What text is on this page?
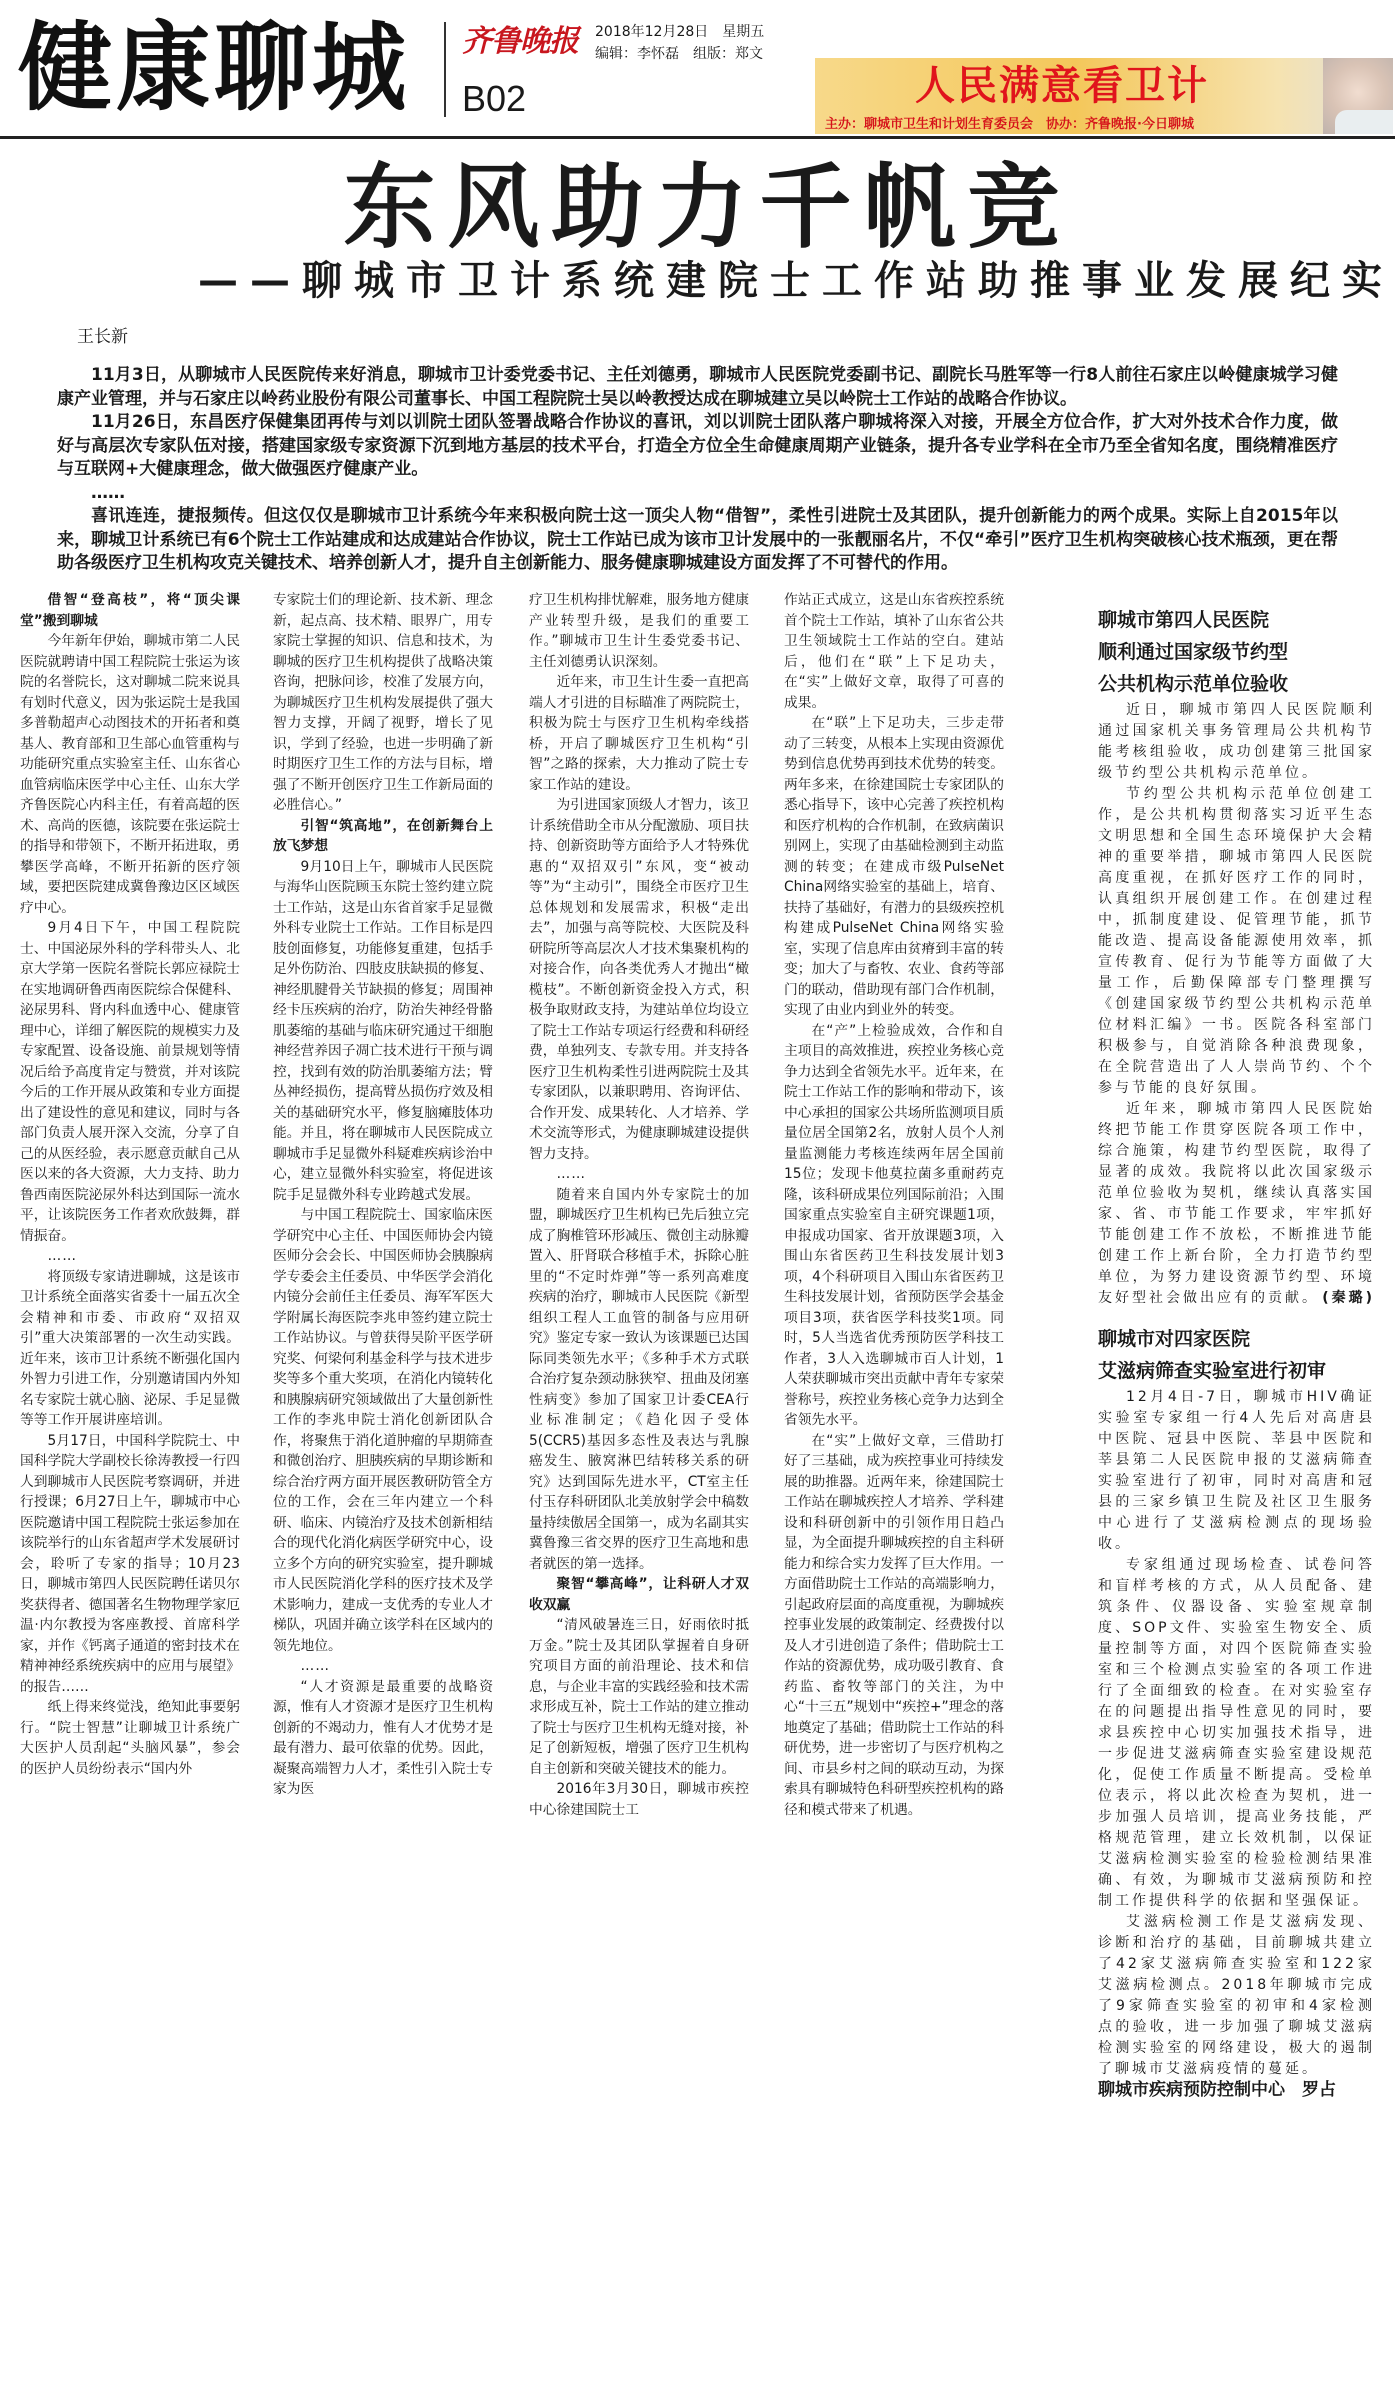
健康聊城 齐鲁晚报 2018年12月28日　星期五
编辑：李怀磊　组版：郑文
B02	人民满意看卫计
主办：聊城市卫生和计划生育委员会　协办：齐鲁晚报·今日聊城
东风助力千帆竞
——聊城市卫计系统建院士工作站助推事业发展纪实
王长新

11月3日，从聊城市人民医院传来好消息，聊城市卫计委党委书记、主任刘德勇，聊城市人民医院党委副书记、副院长马胜军等一行8人前往石家庄以岭健康城学习健康产业管理，并与石家庄以岭药业股份有限公司董事长、中国工程院院士吴以岭教授达成在聊城建立吴以岭院士工作站的战略合作协议。

11月26日，东昌医疗保健集团再传与刘以训院士团队签署战略合作协议的喜讯，刘以训院士团队落户聊城将深入对接，开展全方位合作，扩大对外技术合作力度，做好与高层次专家队伍对接，搭建国家级专家资源下沉到地方基层的技术平台，打造全方位全生命健康周期产业链条，提升各专业学科在全市乃至全省知名度，围绕精准医疗与互联网+大健康理念，做大做强医疗健康产业。

……

喜讯连连，捷报频传。但这仅仅是聊城市卫计系统今年来积极向院士这一顶尖人物“借智”，柔性引进院士及其团队，提升创新能力的两个成果。实际上自2015年以来，聊城卫计系统已有6个院士工作站建成和达成建站合作协议，院士工作站已成为该市卫计发展中的一张靓丽名片，不仅“牵引”医疗卫生机构突破核心技术瓶颈，更在帮助各级医疗卫生机构攻克关键技术、培养创新人才，提升自主创新能力、服务健康聊城建设方面发挥了不可替代的作用。

借智“登高枝”，将“顶尖课堂”搬到聊城

今年新年伊始，聊城市第二人民医院就聘请中国工程院院士张运为该院的名誉院长，这对聊城二院来说具有划时代意义，因为张运院士是我国多普勒超声心动图技术的开拓者和奠基人、教育部和卫生部心血管重构与功能研究重点实验室主任、山东省心血管病临床医学中心主任、山东大学齐鲁医院心内科主任，有着高超的医术、高尚的医德，该院要在张运院士的指导和带领下，不断开拓进取，勇攀医学高峰，不断开拓新的医疗领域，要把医院建成冀鲁豫边区区域医疗中心。

9月4日下午，中国工程院院士、中国泌尿外科的学科带头人、北京大学第一医院名誉院长郭应禄院士在实地调研鲁西南医院综合保健科、泌尿男科、肾内科血透中心、健康管理中心，详细了解医院的规模实力及专家配置、设备设施、前景规划等情况后给予高度肯定与赞赏，并对该院今后的工作开展从政策和专业方面提出了建设性的意见和建议，同时与各部门负责人展开深入交流，分享了自己的从医经验，表示愿意贡献自己从医以来的各大资源，大力支持、助力鲁西南医院泌尿外科达到国际一流水平，让该院医务工作者欢欣鼓舞，群情振奋。

……

将顶级专家请进聊城，这是该市卫计系统全面落实省委十一届五次全会精神和市委、市政府“双招双引”重大决策部署的一次生动实践。近年来，该市卫计系统不断强化国内外智力引进工作，分别邀请国内外知名专家院士就心脑、泌尿、手足显微等等工作开展讲座培训。

5月17日，中国科学院院士、中国科学院大学副校长徐涛教授一行四人到聊城市人民医院考察调研，并进行授课；6月27日上午，聊城市中心医院邀请中国工程院院士张运参加在该院举行的山东省超声学术发展研讨会，聆听了专家的指导；10月23日，聊城市第四人民医院聘任诺贝尔奖获得者、德国著名生物物理学家厄温·内尔教授为客座教授、首席科学家，并作《钙离子通道的密封技术在精神神经系统疾病中的应用与展望》的报告……

纸上得来终觉浅，绝知此事要躬行。“院士智慧”让聊城卫计系统广大医护人员刮起“头脑风暴”，参会的医护人员纷纷表示“国内外

专家院士们的理论新、技术新、理念新，起点高、技术精、眼界广，用专家院士掌握的知识、信息和技术，为聊城的医疗卫生机构提供了战略决策咨询，把脉问诊，校准了发展方向，为聊城医疗卫生机构发展提供了强大智力支撑，开阔了视野，增长了见识，学到了经验，也进一步明确了新时期医疗卫生工作的方法与目标，增强了不断开创医疗卫生工作新局面的必胜信心。”

引智“筑高地”，在创新舞台上放飞梦想

9月10日上午，聊城市人民医院与海华山医院顾玉东院士签约建立院士工作站，这是山东省首家手足显微外科专业院士工作站。工作目标是四肢创面修复，功能修复重建，包括手足外伤防治、四肢皮肤缺损的修复、神经肌腱骨关节缺损的修复；周围神经卡压疾病的治疗，防治失神经骨骼肌萎缩的基础与临床研究通过干细胞神经营养因子凋亡技术进行干预与调控，找到有效的防治肌萎缩方法；臂丛神经损伤，提高臂丛损伤疗效及相关的基础研究水平，修复脑瘫肢体功能。并且，将在聊城市人民医院成立聊城市手足显微外科疑难疾病诊治中心，建立显微外科实验室，将促进该院手足显微外科专业跨越式发展。

与中国工程院院士、国家临床医学研究中心主任、中国医师协会内镜医师分会会长、中国医师协会胰腺病学专委会主任委员、中华医学会消化内镜分会前任主任委员、海军军医大学附属长海医院李兆申签约建立院士工作站协议。与曾获得吴阶平医学研究奖、何梁何利基金科学与技术进步奖等多个重大奖项，在消化内镜转化和胰腺病研究领域做出了大量创新性工作的李兆申院士消化创新团队合作，将聚焦于消化道肿瘤的早期筛查和微创治疗、胆胰疾病的早期诊断和综合治疗两方面开展医教研防管全方位的工作，会在三年内建立一个科研、临床、内镜治疗及技术创新相结合的现代化消化病医学研究中心，设立多个方向的研究实验室，提升聊城市人民医院消化学科的医疗技术及学术影响力，建成一支优秀的专业人才梯队，巩固并确立该学科在区域内的领先地位。

……

“人才资源是最重要的战略资源，惟有人才资源才是医疗卫生机构创新的不竭动力，惟有人才优势才是最有潜力、最可依靠的优势。因此，凝聚高端智力人才，柔性引入院士专家为医

疗卫生机构排忧解难，服务地方健康产业转型升级，是我们的重要工作。”聊城市卫生计生委党委书记、主任刘德勇认识深刻。

近年来，市卫生计生委一直把高端人才引进的目标瞄准了两院院士，积极为院士与医疗卫生机构牵线搭桥，开启了聊城医疗卫生机构“引智”之路的探索，大力推动了院士专家工作站的建设。

为引进国家顶级人才智力，该卫计系统借助全市从分配激励、项目扶持、创新资助等方面给予人才特殊优惠的“双招双引”东风，变“被动等”为“主动引”，围绕全市医疗卫生总体规划和发展需求，积极“走出去”，加强与高等院校、大医院及科研院所等高层次人才技术集聚机构的对接合作，向各类优秀人才抛出“橄榄枝”。不断创新资金投入方式，积极争取财政支持，为建站单位均设立了院士工作站专项运行经费和科研经费，单独列支、专款专用。并支持各医疗卫生机构柔性引进两院院士及其专家团队，以兼职聘用、咨询评估、合作开发、成果转化、人才培养、学术交流等形式，为健康聊城建设提供智力支持。

……

随着来自国内外专家院士的加盟，聊城医疗卫生机构已先后独立完成了胸椎管环形减压、微创主动脉瓣置入、肝肾联合移植手术，拆除心脏里的“不定时炸弹”等一系列高难度疾病的治疗，聊城市人民医院《新型组织工程人工血管的制备与应用研究》鉴定专家一致认为该课题已达国际同类领先水平；《多种手术方式联合治疗复杂颈动脉狭窄、扭曲及闭塞性病变》参加了国家卫计委CEA行业标准制定；《趋化因子受体5(CCR5)基因多态性及表达与乳腺癌发生、腋窝淋巴结转移关系的研究》达到国际先进水平，CT室主任付玉存科研团队北美放射学会中稿数量持续傲居全国第一，成为名副其实冀鲁豫三省交界的医疗卫生高地和患者就医的第一选择。

聚智“攀高峰”，让科研人才双收双赢

“清风破暑连三日，好雨依时抵万金。”院士及其团队掌握着自身研究项目方面的前沿理论、技术和信息，与企业丰富的实践经验和技术需求形成互补，院士工作站的建立推动了院士与医疗卫生机构无缝对接，补足了创新短板，增强了医疗卫生机构自主创新和突破关键技术的能力。

2016年3月30日，聊城市疾控中心徐建国院士工

作站正式成立，这是山东省疾控系统首个院士工作站，填补了山东省公共卫生领域院士工作站的空白。建站后，他们在“联”上下足功夫，在“实”上做好文章，取得了可喜的成果。

在“联”上下足功夫，三步走带动了三转变，从根本上实现由资源优势到信息优势再到技术优势的转变。两年多来，在徐建国院士专家团队的悉心指导下，该中心完善了疾控机构和医疗机构的合作机制，在致病菌识别网上，实现了由基础检测到主动监测的转变；在建成市级PulseNet China网络实验室的基础上，培育、扶持了基础好，有潜力的县级疾控机构建成PulseNet China网络实验室，实现了信息库由贫瘠到丰富的转变；加大了与畜牧、农业、食药等部门的联动，借助现有部门合作机制，实现了由业内到业外的转变。

在“产”上检验成效，合作和自主项目的高效推进，疾控业务核心竞争力达到全省领先水平。近年来，在院士工作站工作的影响和带动下，该中心承担的国家公共场所监测项目质量位居全国第2名，放射人员个人剂量监测能力考核连续两年居全国前15位；发现卡他莫拉菌多重耐药克隆，该科研成果位列国际前沿；入围国家重点实验室自主研究课题1项，申报成功国家、省开放课题3项，入围山东省医药卫生科技发展计划3项，4个科研项目入围山东省医药卫生科技发展计划，省预防医学会基金项目3项，获省医学科技奖1项。同时，5人当选省优秀预防医学科技工作者，3人入选聊城市百人计划，1人荣获聊城市突出贡献中青年专家荣誉称号，疾控业务核心竞争力达到全省领先水平。

在“实”上做好文章，三借助打好了三基础，成为疾控事业可持续发展的助推器。近两年来，徐建国院士工作站在聊城疾控人才培养、学科建设和科研创新中的引领作用日趋凸显，为全面提升聊城疾控的自主科研能力和综合实力发挥了巨大作用。一方面借助院士工作站的高端影响力，引起政府层面的高度重视，为聊城疾控事业发展的政策制定、经费拨付以及人才引进创造了条件；借助院士工作站的资源优势，成功吸引教育、食药监、畜牧等部门的关注，为中心“十三五”规划中“疾控+”理念的落地奠定了基础；借助院士工作站的科研优势，进一步密切了与医疗机构之间、市县乡村之间的联动互动，为探索具有聊城特色科研型疾控机构的路径和模式带来了机遇。

聊城市第四人民医院

顺利通过国家级节约型

公共机构示范单位验收

近日，聊城市第四人民医院顺利通过国家机关事务管理局公共机构节能考核组验收，成功创建第三批国家级节约型公共机构示范单位。

节约型公共机构示范单位创建工作，是公共机构贯彻落实习近平生态文明思想和全国生态环境保护大会精神的重要举措，聊城市第四人民医院高度重视，在抓好医疗工作的同时，认真组织开展创建工作。在创建过程中，抓制度建设、促管理节能，抓节能改造、提高设备能源使用效率，抓宣传教育、促行为节能等方面做了大量工作，后勤保障部专门整理撰写《创建国家级节约型公共机构示范单位材料汇编》一书。医院各科室部门积极参与，自觉消除各种浪费现象，在全院营造出了人人崇尚节约、个个参与节能的良好氛围。

近年来，聊城市第四人民医院始终把节能工作贯穿医院各项工作中，综合施策，构建节约型医院，取得了显著的成效。我院将以此次国家级示范单位验收为契机，继续认真落实国家、省、市节能工作要求，牢牢抓好节能创建工作不放松，不断推进节能创建工作上新台阶，全力打造节约型单位，为努力建设资源节约型、环境友好型社会做出应有的贡献。 (秦璐)

聊城市对四家医院

艾滋病筛查实验室进行初审

12月4日-7日，聊城市HIV确证实验室专家组一行4人先后对高唐县中医院、冠县中医院、莘县中医院和莘县第二人民医院申报的艾滋病筛查实验室进行了初审，同时对高唐和冠县的三家乡镇卫生院及社区卫生服务中心进行了艾滋病检测点的现场验收。

专家组通过现场检查、试卷问答和盲样考核的方式，从人员配备、建筑条件、仪器设备、实验室规章制度、SOP文件、实验室生物安全、质量控制等方面，对四个医院筛查实验室和三个检测点实验室的各项工作进行了全面细致的检查。在对实验室存在的问题提出指导性意见的同时，要求县疾控中心切实加强技术指导，进一步促进艾滋病筛查实验室建设规范化，促使工作质量不断提高。受检单位表示，将以此次检查为契机，进一步加强人员培训，提高业务技能，严格规范管理，建立长效机制，以保证艾滋病检测实验室的检验检测结果准确、有效，为聊城市艾滋病预防和控制工作提供科学的依据和坚强保证。

艾滋病检测工作是艾滋病发现、诊断和治疗的基础，目前聊城共建立了42家艾滋病筛查实验室和122家艾滋病检测点。2018年聊城市完成了9家筛查实验室的初审和4家检测点的验收，进一步加强了聊城艾滋病检测实验室的网络建设，极大的遏制了聊城市艾滋病疫情的蔓延。

聊城市疾病预防控制中心　罗占
